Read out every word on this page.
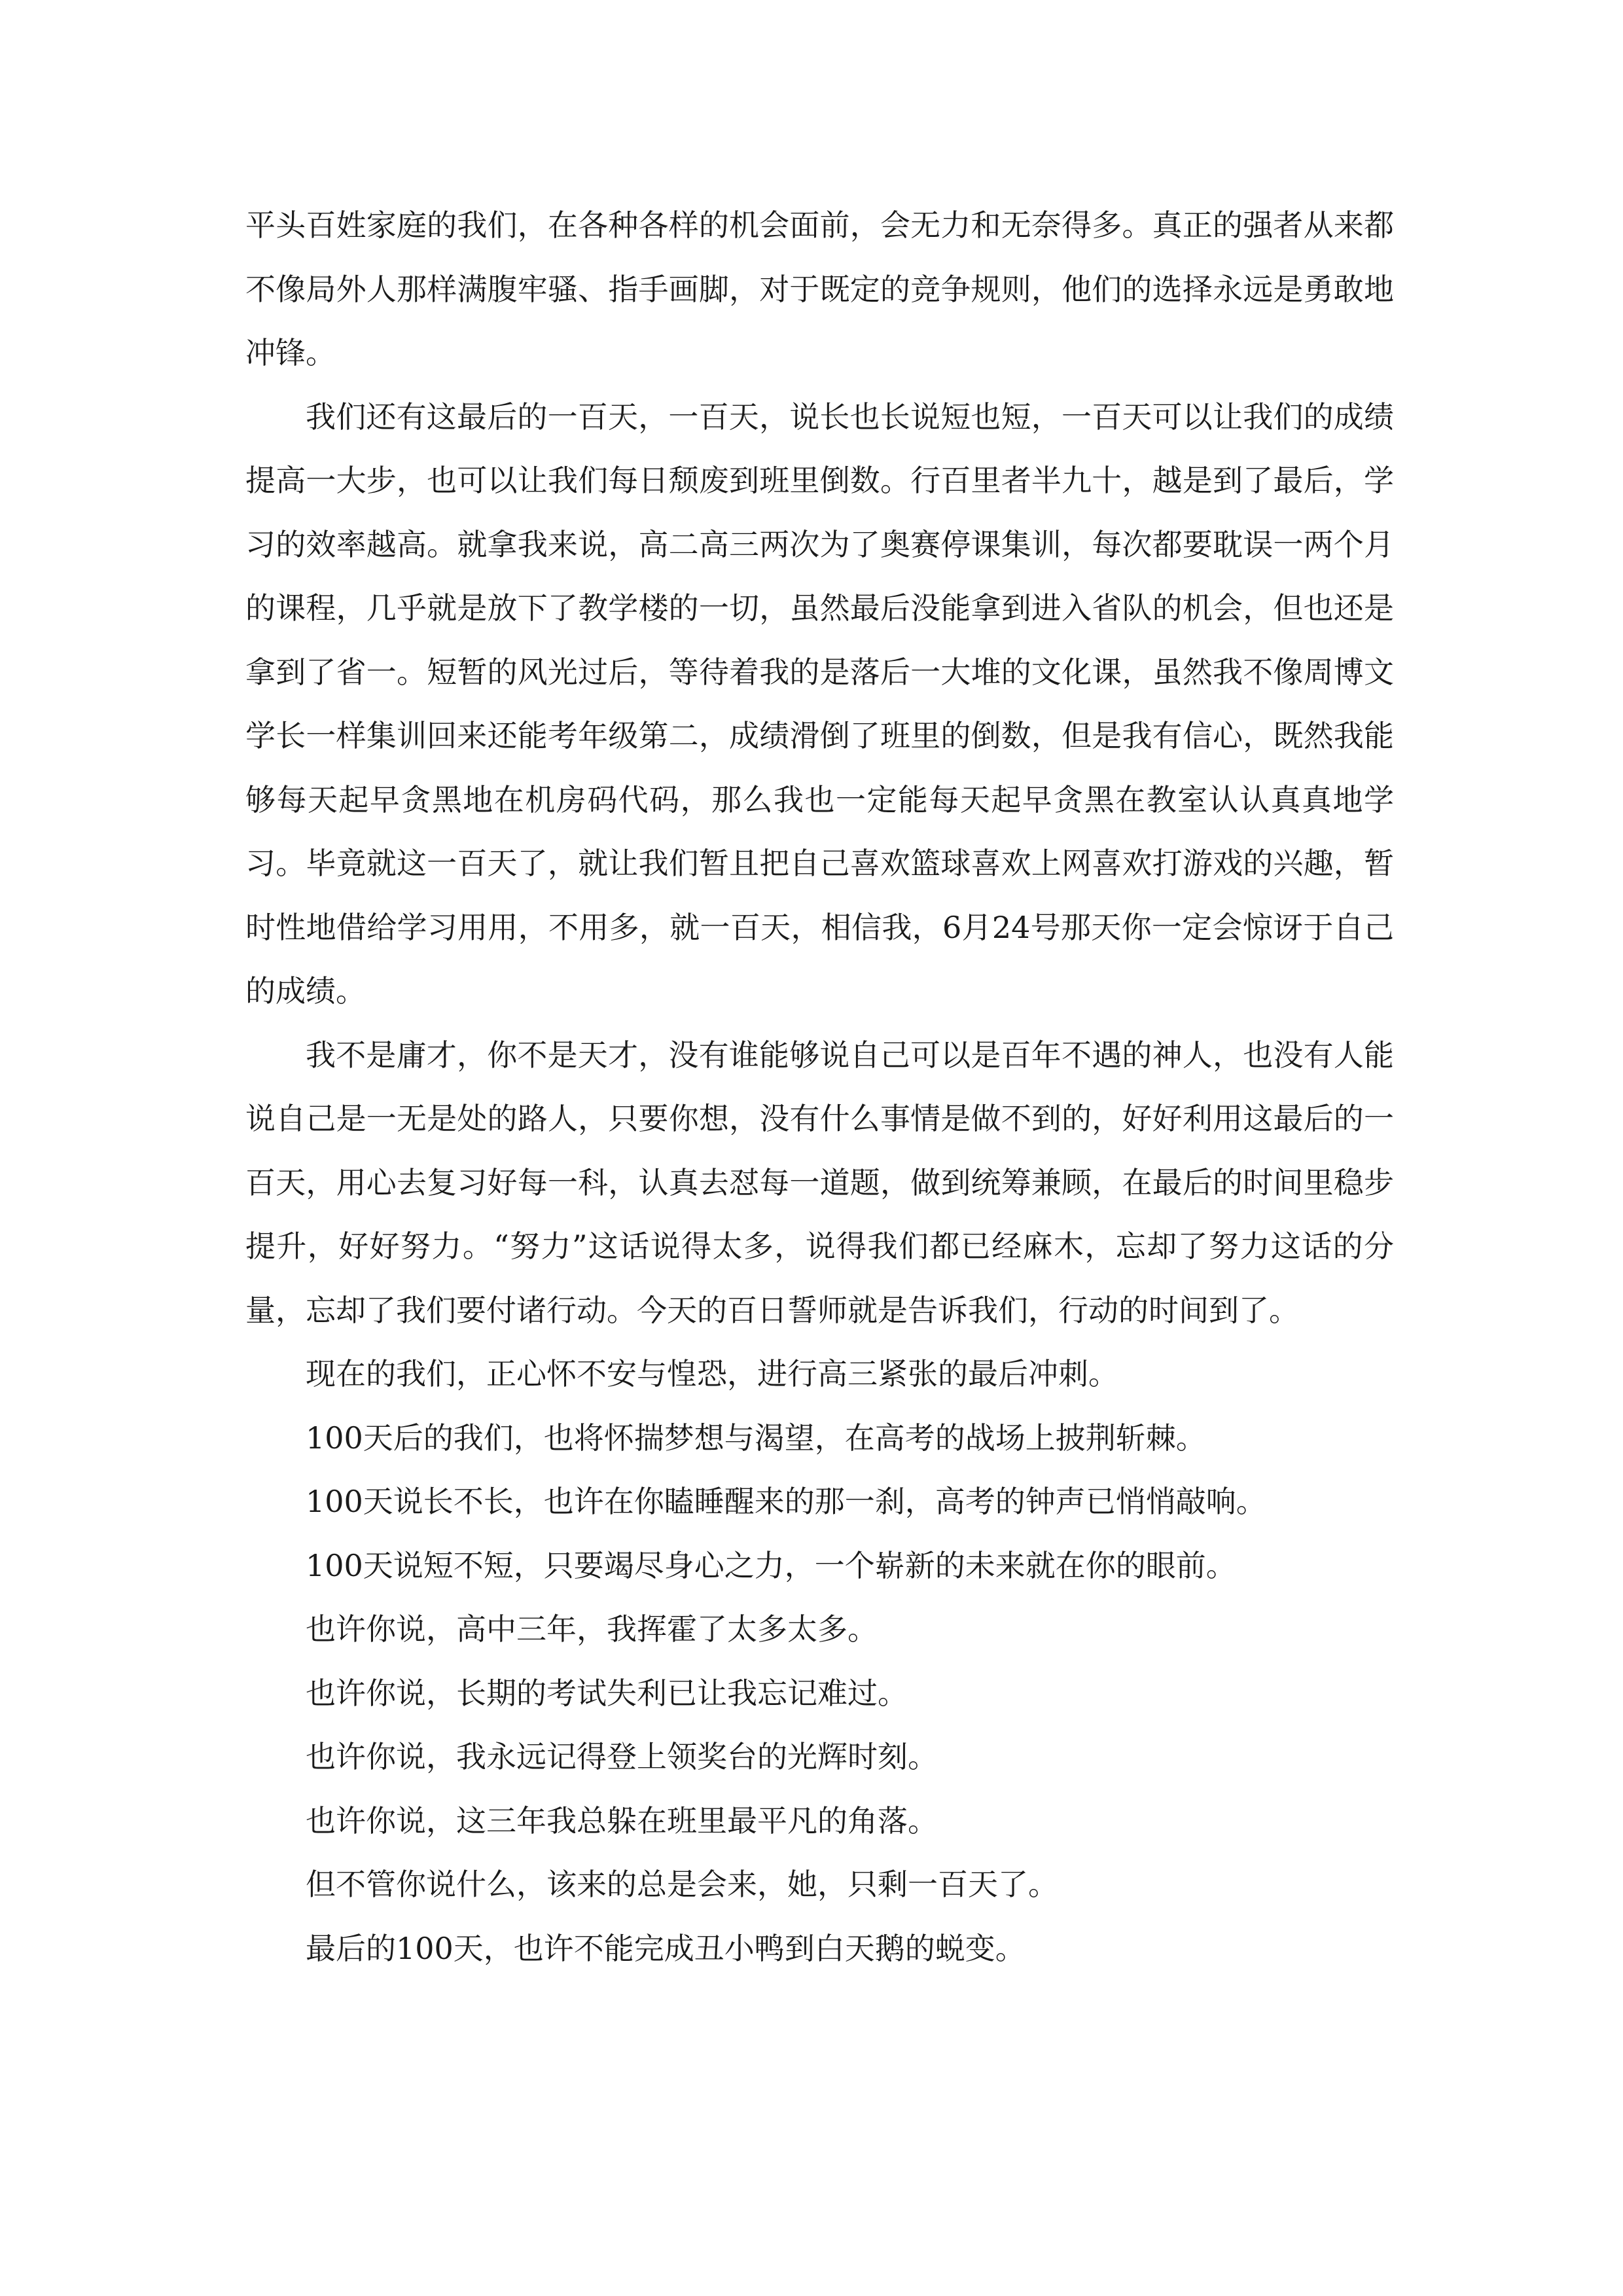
平头百姓家庭的我们，在各种各样的机会面前，会无力和无奈得多。真正的强者从来都不像局外人那样满腹牢骚、指手画脚，对于既定的竞争规则，他们的选择永远是勇敢地冲锋。

我们还有这最后的一百天，一百天，说长也长说短也短，一百天可以让我们的成绩提高一大步，也可以让我们每日颓废到班里倒数。行百里者半九十，越是到了最后，学习的效率越高。就拿我来说，高二高三两次为了奥赛停课集训，每次都要耽误一两个月的课程，几乎就是放下了教学楼的一切，虽然最后没能拿到进入省队的机会，但也还是拿到了省一。短暂的风光过后，等待着我的是落后一大堆的文化课，虽然我不像周博文学长一样集训回来还能考年级第二，成绩滑倒了班里的倒数，但是我有信心，既然我能够每天起早贪黑地在机房码代码，那么我也一定能每天起早贪黑在教室认认真真地学习。毕竟就这一百天了，就让我们暂且把自己喜欢篮球喜欢上网喜欢打游戏的兴趣，暂时性地借给学习用用，不用多，就一百天，相信我，6月24号那天你一定会惊讶于自己的成绩。

我不是庸才，你不是天才，没有谁能够说自己可以是百年不遇的神人，也没有人能说自己是一无是处的路人，只要你想，没有什么事情是做不到的，好好利用这最后的一百天，用心去复习好每一科，认真去怼每一道题，做到统筹兼顾，在最后的时间里稳步提升，好好努力。“努力”这话说得太多，说得我们都已经麻木，忘却了努力这话的分量，忘却了我们要付诸行动。今天的百日誓师就是告诉我们，行动的时间到了。

现在的我们，正心怀不安与惶恐，进行高三紧张的最后冲刺。

100天后的我们，也将怀揣梦想与渴望，在高考的战场上披荆斩棘。

100天说长不长，也许在你瞌睡醒来的那一刹，高考的钟声已悄悄敲响。

100天说短不短，只要竭尽身心之力，一个崭新的未来就在你的眼前。

也许你说，高中三年，我挥霍了太多太多。

也许你说，长期的考试失利已让我忘记难过。

也许你说，我永远记得登上领奖台的光辉时刻。

也许你说，这三年我总躲在班里最平凡的角落。

但不管你说什么，该来的总是会来，她，只剩一百天了。

最后的100天，也许不能完成丑小鸭到白天鹅的蜕变。
